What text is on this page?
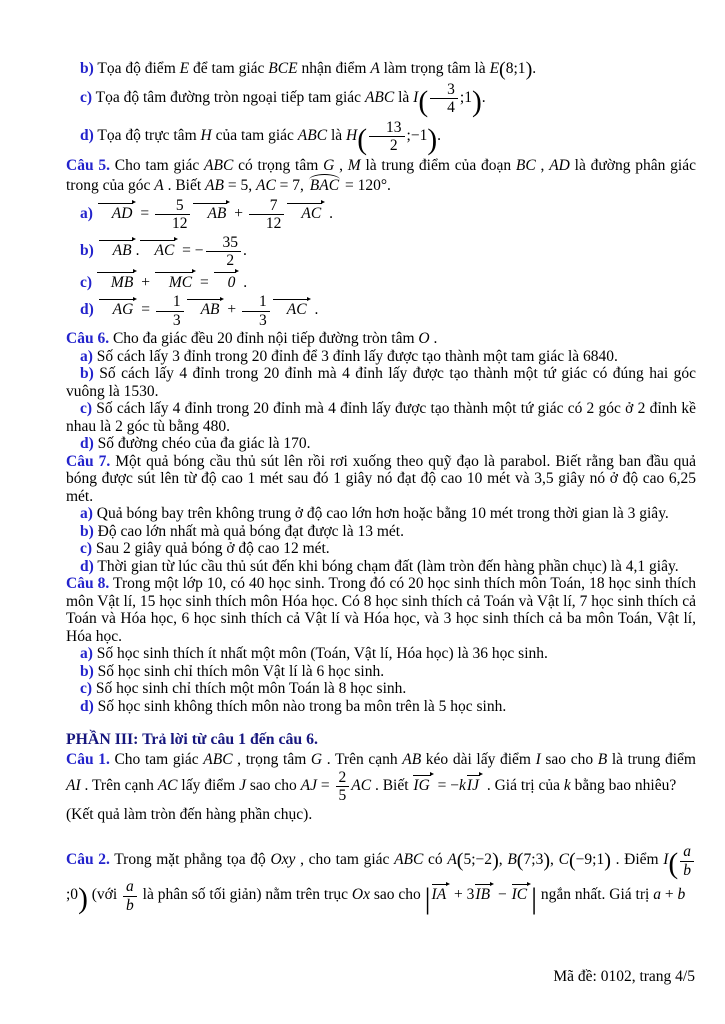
b) Tọa độ điểm E để tam giác BCE nhận điểm A làm trọng tâm là E(8;1).
c) Tọa độ tâm đường tròn ngoại tiếp tam giác ABC là $I( \frac{3}{4}$ ;1).
d) Tọa độ trực tâm H của tam giác ABC là $H( \frac{13}{2}$ ;−1).
Câu 5. Cho tam giác ABC có trọng tâm G , M là trung điểm của đoạn BC , AD là đường phân giác trong của góc A . Biết AB = 5, AC = 7, BAC = 120°.
a) AD = $\frac{5}{12}$ AB + $\frac{7}{12}$ AC .
b) AB . AC = − $\frac{35}{2}$ .
c) MB + MC = 0 .
d) AG = $\frac{1}{3}$ AB + $\frac{1}{3}$ AC .
Câu 6. Cho đa giác đều 20 đỉnh nội tiếp đường tròn tâm O .
a) Số cách lấy 3 đỉnh trong 20 đỉnh để 3 đỉnh lấy được tạo thành một tam giác là 6840.
b) Số cách lấy 4 đỉnh trong 20 đỉnh mà 4 đỉnh lấy được tạo thành một tứ giác có đúng hai góc vuông là 1530.
c) Số cách lấy 4 đỉnh trong 20 đỉnh mà 4 đỉnh lấy được tạo thành một tứ giác có 2 góc ở 2 đỉnh kề nhau là 2 góc tù bằng 480.
d) Số đường chéo của đa giác là 170.
Câu 7. Một quả bóng cầu thủ sút lên rồi rơi xuống theo quỹ đạo là parabol. Biết rằng ban đầu quả bóng được sút lên từ độ cao 1 mét sau đó 1 giây nó đạt độ cao 10 mét và 3,5 giây nó ở độ cao 6,25 mét.
a) Quả bóng bay trên không trung ở độ cao lớn hơn hoặc bằng 10 mét trong thời gian là 3 giây.
b) Độ cao lớn nhất mà quả bóng đạt được là 13 mét.
c) Sau 2 giây quả bóng ở độ cao 12 mét.
d) Thời gian từ lúc cầu thủ sút đến khi bóng chạm đất (làm tròn đến hàng phần chục) là 4,1 giây.
Câu 8. Trong một lớp 10, có 40 học sinh. Trong đó có 20 học sinh thích môn Toán, 18 học sinh thích môn Vật lí, 15 học sinh thích môn Hóa học. Có 8 học sinh thích cả Toán và Vật lí, 7 học sinh thích cả Toán và Hóa học, 6 học sinh thích cả Vật lí và Hóa học, và 3 học sinh thích cả ba môn Toán, Vật lí, Hóa học.
a) Số học sinh thích ít nhất một môn (Toán, Vật lí, Hóa học) là 36 học sinh.
b) Số học sinh chỉ thích môn Vật lí là 6 học sinh.
c) Số học sinh chỉ thích một môn Toán là 8 học sinh.
d) Số học sinh không thích môn nào trong ba môn trên là 5 học sinh.
PHẦN III: Trả lời từ câu 1 đến câu 6.
Câu 1. Cho tam giác ABC , trọng tâm G . Trên cạnh AB kéo dài lấy điểm I sao cho B là trung điểm AI . Trên cạnh AC lấy điểm J sao cho AJ = $\frac{2}{5}$ AC . Biết IG = −kIJ . Giá trị của k bằng bao nhiêu?
(Kết quả làm tròn đến hàng phần chục).
Câu 2. Trong mặt phẳng tọa độ Oxy , cho tam giác ABC có A(5;−2), B(7;3), C(−9;1) . Điểm $I( \frac{a}{b}$
;0) (với $\frac{a}{b}$ là phân số tối giản) nằm trên trục Ox sao cho |IA + 3IB − IC | ngắn nhất. Giá trị a + b
Mã đề: 0102, trang 4/5
